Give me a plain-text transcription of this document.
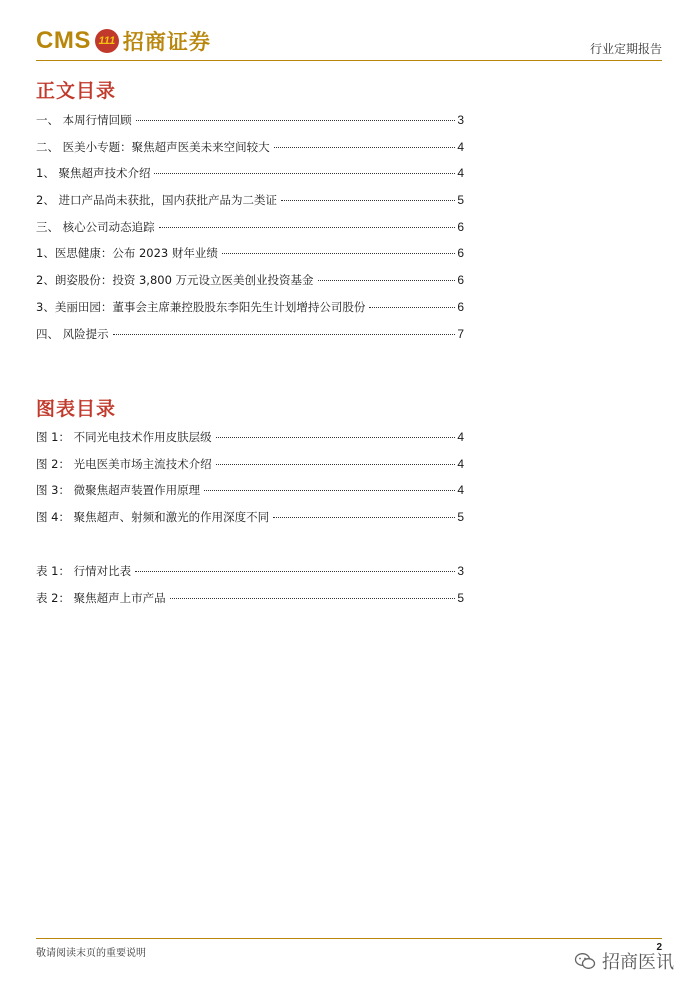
CMS 111 招商证券	行业定期报告
正文目录
一、 本周行情回顾	3
二、 医美小专题：聚焦超声医美未来空间较大	4
1、 聚焦超声技术介绍	4
2、 进口产品尚未获批，国内获批产品为二类证	5
三、 核心公司动态追踪	6
1、医思健康：公布 2023 财年业绩	6
2、朗姿股份：投资 3,800 万元设立医美创业投资基金	6
3、美丽田园：董事会主席兼控股股东李阳先生计划增持公司股份	6
四、 风险提示	7
图表目录
图 1： 不同光电技术作用皮肤层级	4
图 2： 光电医美市场主流技术介绍	4
图 3： 微聚焦超声装置作用原理	4
图 4： 聚焦超声、射频和激光的作用深度不同	5
表 1： 行情对比表	3
表 2： 聚焦超声上市产品	5
敬请阅读末页的重要说明
2
招商医讯
